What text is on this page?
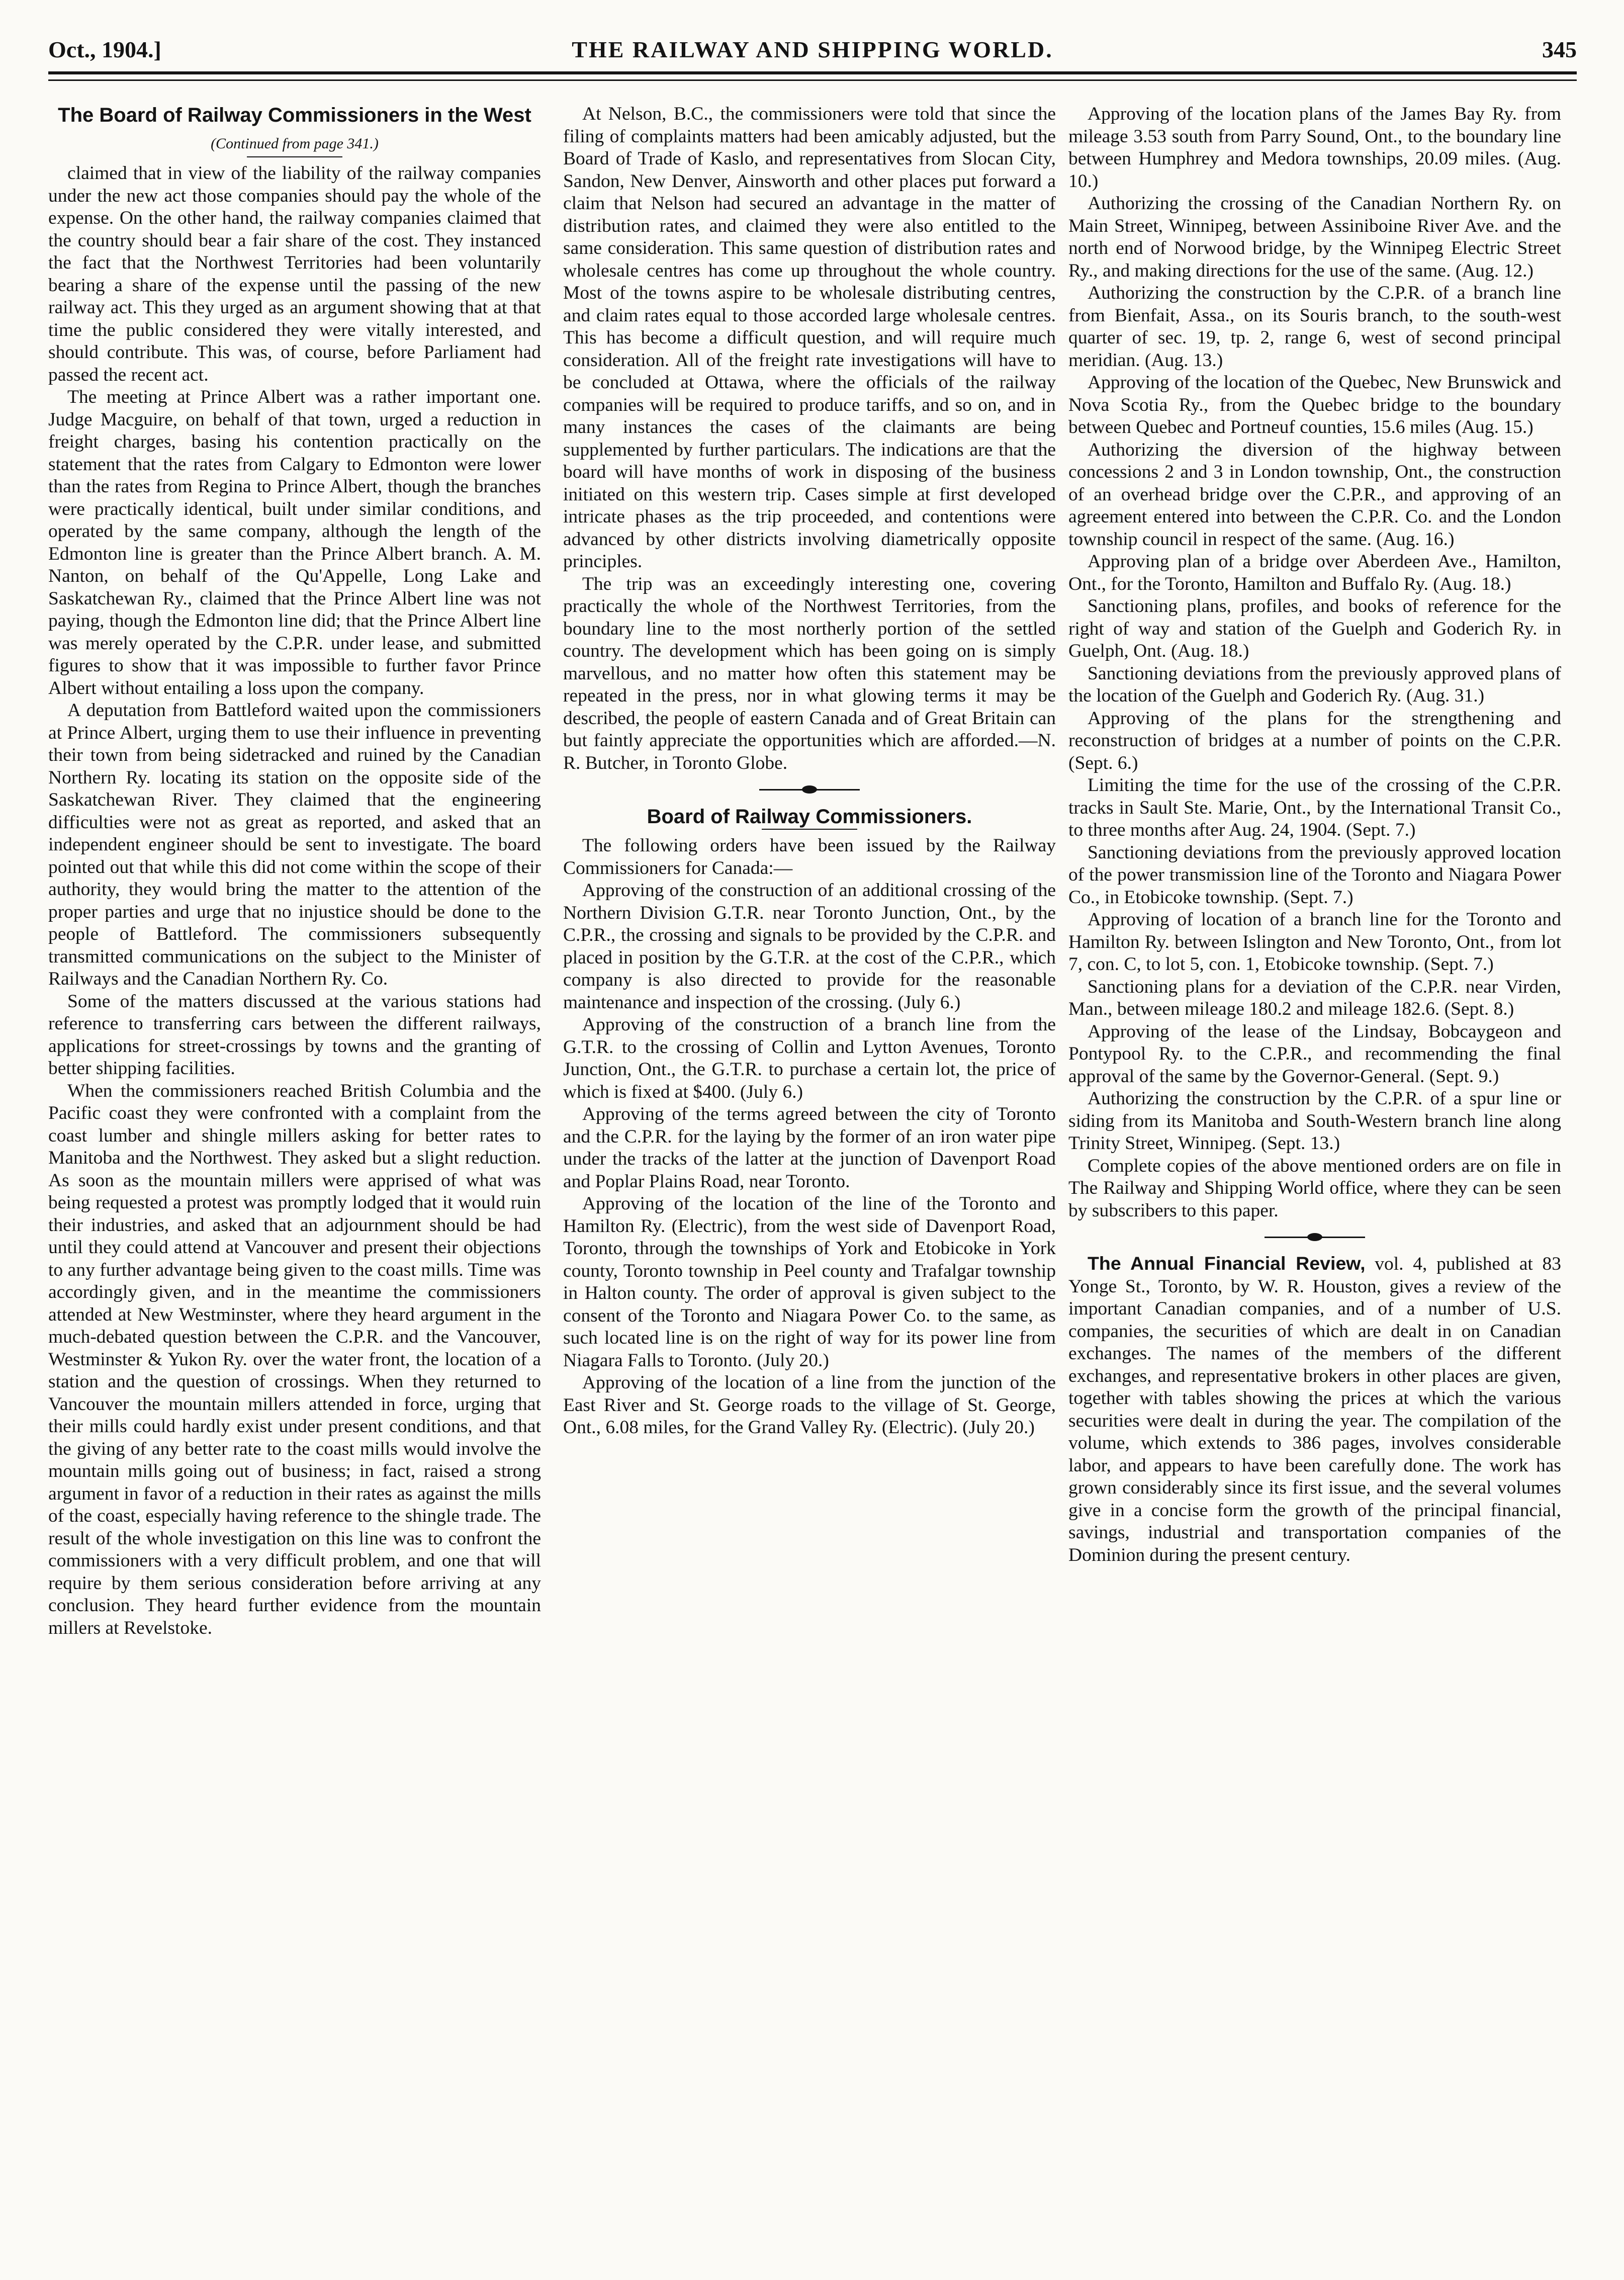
Oct., 1904.]	THE RAILWAY AND SHIPPING WORLD.	345
The Board of Railway Commissioners in the West
(Continued from page 341.)

claimed that in view of the liability of the railway companies under the new act those companies should pay the whole of the expense. On the other hand, the railway companies claimed that the country should bear a fair share of the cost. They instanced the fact that the Northwest Territories had been voluntarily bearing a share of the expense until the passing of the new railway act. This they urged as an argument showing that at that time the public considered they were vitally interested, and should contribute. This was, of course, before Parliament had passed the recent act.

The meeting at Prince Albert was a rather important one. Judge Macguire, on behalf of that town, urged a reduction in freight charges, basing his contention practically on the statement that the rates from Calgary to Edmonton were lower than the rates from Regina to Prince Albert, though the branches were practically identical, built under similar conditions, and operated by the same company, although the length of the Edmonton line is greater than the Prince Albert branch. A. M. Nanton, on behalf of the Qu'Appelle, Long Lake and Saskatchewan Ry., claimed that the Prince Albert line was not paying, though the Edmonton line did; that the Prince Albert line was merely operated by the C.P.R. under lease, and submitted figures to show that it was impossible to further favor Prince Albert without entailing a loss upon the company.

A deputation from Battleford waited upon the commissioners at Prince Albert, urging them to use their influence in preventing their town from being sidetracked and ruined by the Canadian Northern Ry. locating its station on the opposite side of the Saskatchewan River. They claimed that the engineering difficulties were not as great as reported, and asked that an independent engineer should be sent to investigate. The board pointed out that while this did not come within the scope of their authority, they would bring the matter to the attention of the proper parties and urge that no injustice should be done to the people of Battleford. The commissioners subsequently transmitted communications on the subject to the Minister of Railways and the Canadian Northern Ry. Co.

Some of the matters discussed at the various stations had reference to transferring cars between the different railways, applications for street-crossings by towns and the granting of better shipping facilities.

When the commissioners reached British Columbia and the Pacific coast they were confronted with a complaint from the coast lumber and shingle millers asking for better rates to Manitoba and the Northwest. They asked but a slight reduction. As soon as the mountain millers were apprised of what was being requested a protest was promptly lodged that it would ruin their industries, and asked that an adjournment should be had until they could attend at Vancouver and present their objections to any further advantage being given to the coast mills. Time was accordingly given, and in the meantime the commissioners attended at New Westminster, where they heard argument in the much-debated question between the C.P.R. and the Vancouver, Westminster & Yukon Ry. over the water front, the location of a station and the question of crossings. When they returned to Vancouver the mountain millers attended in force, urging that their mills could hardly exist under present conditions, and that the giving of any better rate to the coast mills would involve the mountain mills going out of business; in fact, raised a strong argument in favor of a reduction in their rates as against the mills of the coast, especially having reference to the shingle trade. The result of the whole investigation on this line was to confront the commissioners with a very difficult problem, and one that will require by them serious consideration before arriving at any conclusion. They heard further evidence from the mountain millers at Revelstoke.

At Nelson, B.C., the commissioners were told that since the filing of complaints matters had been amicably adjusted, but the Board of Trade of Kaslo, and representatives from Slocan City, Sandon, New Denver, Ainsworth and other places put forward a claim that Nelson had secured an advantage in the matter of distribution rates, and claimed they were also entitled to the same consideration. This same question of distribution rates and wholesale centres has come up throughout the whole country. Most of the towns aspire to be wholesale distributing centres, and claim rates equal to those accorded large wholesale centres. This has become a difficult question, and will require much consideration. All of the freight rate investigations will have to be concluded at Ottawa, where the officials of the railway companies will be required to produce tariffs, and so on, and in many instances the cases of the claimants are being supplemented by further particulars. The indications are that the board will have months of work in disposing of the business initiated on this western trip. Cases simple at first developed intricate phases as the trip proceeded, and contentions were advanced by other districts involving diametrically opposite principles.

The trip was an exceedingly interesting one, covering practically the whole of the Northwest Territories, from the boundary line to the most northerly portion of the settled country. The development which has been going on is simply marvellous, and no matter how often this statement may be repeated in the press, nor in what glowing terms it may be described, the people of eastern Canada and of Great Britain can but faintly appreciate the opportunities which are afforded.—N. R. Butcher, in Toronto Globe.

Board of Railway Commissioners.

The following orders have been issued by the Railway Commissioners for Canada:—

Approving of the construction of an additional crossing of the Northern Division G.T.R. near Toronto Junction, Ont., by the C.P.R., the crossing and signals to be provided by the C.P.R. and placed in position by the G.T.R. at the cost of the C.P.R., which company is also directed to provide for the reasonable maintenance and inspection of the crossing. (July 6.)

Approving of the construction of a branch line from the G.T.R. to the crossing of Collin and Lytton Avenues, Toronto Junction, Ont., the G.T.R. to purchase a certain lot, the price of which is fixed at $400. (July 6.)

Approving of the terms agreed between the city of Toronto and the C.P.R. for the laying by the former of an iron water pipe under the tracks of the latter at the junction of Davenport Road and Poplar Plains Road, near Toronto.

Approving of the location of the line of the Toronto and Hamilton Ry. (Electric), from the west side of Davenport Road, Toronto, through the townships of York and Etobicoke in York county, Toronto township in Peel county and Trafalgar township in Halton county. The order of approval is given subject to the consent of the Toronto and Niagara Power Co. to the same, as such located line is on the right of way for its power line from Niagara Falls to Toronto. (July 20.)

Approving of the location of a line from the junction of the East River and St. George roads to the village of St. George, Ont., 6.08 miles, for the Grand Valley Ry. (Electric). (July 20.)

Approving of the location plans of the James Bay Ry. from mileage 3.53 south from Parry Sound, Ont., to the boundary line between Humphrey and Medora townships, 20.09 miles. (Aug. 10.)

Authorizing the crossing of the Canadian Northern Ry. on Main Street, Winnipeg, between Assiniboine River Ave. and the north end of Norwood bridge, by the Winnipeg Electric Street Ry., and making directions for the use of the same. (Aug. 12.)

Authorizing the construction by the C.P.R. of a branch line from Bienfait, Assa., on its Souris branch, to the south-west quarter of sec. 19, tp. 2, range 6, west of second principal meridian. (Aug. 13.)

Approving of the location of the Quebec, New Brunswick and Nova Scotia Ry., from the Quebec bridge to the boundary between Quebec and Portneuf counties, 15.6 miles (Aug. 15.)

Authorizing the diversion of the highway between concessions 2 and 3 in London township, Ont., the construction of an overhead bridge over the C.P.R., and approving of an agreement entered into between the C.P.R. Co. and the London township council in respect of the same. (Aug. 16.)

Approving plan of a bridge over Aberdeen Ave., Hamilton, Ont., for the Toronto, Hamilton and Buffalo Ry. (Aug. 18.)

Sanctioning plans, profiles, and books of reference for the right of way and station of the Guelph and Goderich Ry. in Guelph, Ont. (Aug. 18.)

Sanctioning deviations from the previously approved plans of the location of the Guelph and Goderich Ry. (Aug. 31.)

Approving of the plans for the strengthening and reconstruction of bridges at a number of points on the C.P.R. (Sept. 6.)

Limiting the time for the use of the crossing of the C.P.R. tracks in Sault Ste. Marie, Ont., by the International Transit Co., to three months after Aug. 24, 1904. (Sept. 7.)

Sanctioning deviations from the previously approved location of the power transmission line of the Toronto and Niagara Power Co., in Etobicoke township. (Sept. 7.)

Approving of location of a branch line for the Toronto and Hamilton Ry. between Islington and New Toronto, Ont., from lot 7, con. C, to lot 5, con. 1, Etobicoke township. (Sept. 7.)

Sanctioning plans for a deviation of the C.P.R. near Virden, Man., between mileage 180.2 and mileage 182.6. (Sept. 8.)

Approving of the lease of the Lindsay, Bobcaygeon and Pontypool Ry. to the C.P.R., and recommending the final approval of the same by the Governor-General. (Sept. 9.)

Authorizing the construction by the C.P.R. of a spur line or siding from its Manitoba and South-Western branch line along Trinity Street, Winnipeg. (Sept. 13.)

Complete copies of the above mentioned orders are on file in The Railway and Shipping World office, where they can be seen by subscribers to this paper.

The Annual Financial Review, vol. 4, published at 83 Yonge St., Toronto, by W. R. Houston, gives a review of the important Canadian companies, and of a number of U.S. companies, the securities of which are dealt in on Canadian exchanges. The names of the members of the different exchanges, and representative brokers in other places are given, together with tables showing the prices at which the various securities were dealt in during the year. The compilation of the volume, which extends to 386 pages, involves considerable labor, and appears to have been carefully done. The work has grown considerably since its first issue, and the several volumes give in a concise form the growth of the principal financial, savings, industrial and transportation companies of the Dominion during the present century.
